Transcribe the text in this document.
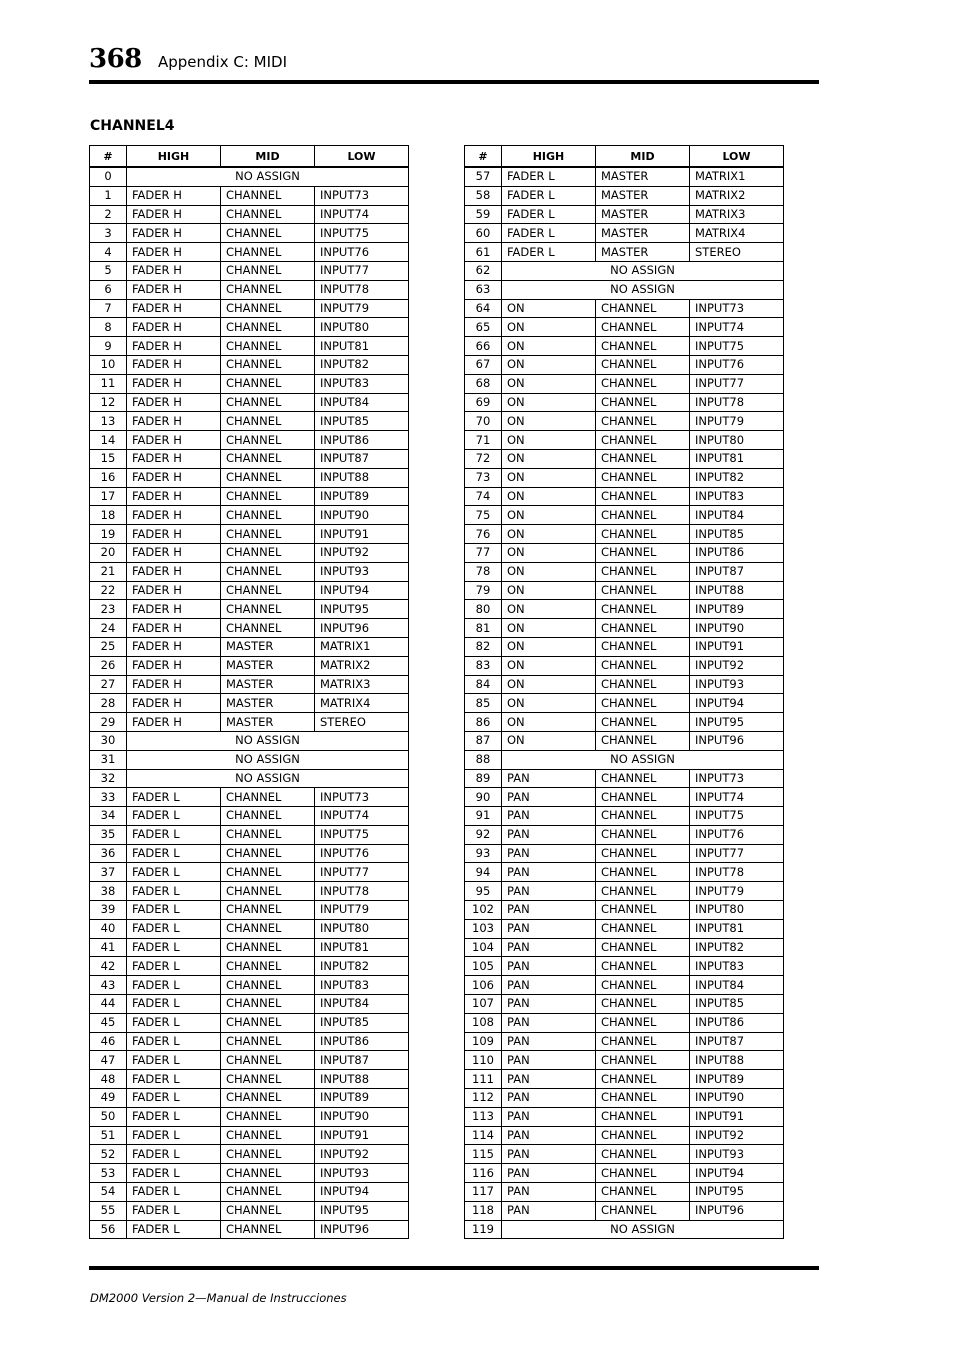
368 Appendix C: MIDI
CHANNEL4
#	HIGH	MID	LOW
0	NO ASSIGN		
1	FADER H	CHANNEL	INPUT73
2	FADER H	CHANNEL	INPUT74
3	FADER H	CHANNEL	INPUT75
4	FADER H	CHANNEL	INPUT76
5	FADER H	CHANNEL	INPUT77
6	FADER H	CHANNEL	INPUT78
7	FADER H	CHANNEL	INPUT79
8	FADER H	CHANNEL	INPUT80
9	FADER H	CHANNEL	INPUT81
10	FADER H	CHANNEL	INPUT82
11	FADER H	CHANNEL	INPUT83
12	FADER H	CHANNEL	INPUT84
13	FADER H	CHANNEL	INPUT85
14	FADER H	CHANNEL	INPUT86
15	FADER H	CHANNEL	INPUT87
16	FADER H	CHANNEL	INPUT88
17	FADER H	CHANNEL	INPUT89
18	FADER H	CHANNEL	INPUT90
19	FADER H	CHANNEL	INPUT91
20	FADER H	CHANNEL	INPUT92
21	FADER H	CHANNEL	INPUT93
22	FADER H	CHANNEL	INPUT94
23	FADER H	CHANNEL	INPUT95
24	FADER H	CHANNEL	INPUT96
25	FADER H	MASTER	MATRIX1
26	FADER H	MASTER	MATRIX2
27	FADER H	MASTER	MATRIX3
28	FADER H	MASTER	MATRIX4
29	FADER H	MASTER	STEREO
30	NO ASSIGN		
31	NO ASSIGN		
32	NO ASSIGN		
33	FADER L	CHANNEL	INPUT73
34	FADER L	CHANNEL	INPUT74
35	FADER L	CHANNEL	INPUT75
36	FADER L	CHANNEL	INPUT76
37	FADER L	CHANNEL	INPUT77
38	FADER L	CHANNEL	INPUT78
39	FADER L	CHANNEL	INPUT79
40	FADER L	CHANNEL	INPUT80
41	FADER L	CHANNEL	INPUT81
42	FADER L	CHANNEL	INPUT82
43	FADER L	CHANNEL	INPUT83
44	FADER L	CHANNEL	INPUT84
45	FADER L	CHANNEL	INPUT85
46	FADER L	CHANNEL	INPUT86
47	FADER L	CHANNEL	INPUT87
48	FADER L	CHANNEL	INPUT88
49	FADER L	CHANNEL	INPUT89
50	FADER L	CHANNEL	INPUT90
51	FADER L	CHANNEL	INPUT91
52	FADER L	CHANNEL	INPUT92
53	FADER L	CHANNEL	INPUT93
54	FADER L	CHANNEL	INPUT94
55	FADER L	CHANNEL	INPUT95
56	FADER L	CHANNEL	INPUT96
#	HIGH	MID	LOW
57	FADER L	MASTER	MATRIX1
58	FADER L	MASTER	MATRIX2
59	FADER L	MASTER	MATRIX3
60	FADER L	MASTER	MATRIX4
61	FADER L	MASTER	STEREO
62	NO ASSIGN		
63	NO ASSIGN		
64	ON	CHANNEL	INPUT73
65	ON	CHANNEL	INPUT74
66	ON	CHANNEL	INPUT75
67	ON	CHANNEL	INPUT76
68	ON	CHANNEL	INPUT77
69	ON	CHANNEL	INPUT78
70	ON	CHANNEL	INPUT79
71	ON	CHANNEL	INPUT80
72	ON	CHANNEL	INPUT81
73	ON	CHANNEL	INPUT82
74	ON	CHANNEL	INPUT83
75	ON	CHANNEL	INPUT84
76	ON	CHANNEL	INPUT85
77	ON	CHANNEL	INPUT86
78	ON	CHANNEL	INPUT87
79	ON	CHANNEL	INPUT88
80	ON	CHANNEL	INPUT89
81	ON	CHANNEL	INPUT90
82	ON	CHANNEL	INPUT91
83	ON	CHANNEL	INPUT92
84	ON	CHANNEL	INPUT93
85	ON	CHANNEL	INPUT94
86	ON	CHANNEL	INPUT95
87	ON	CHANNEL	INPUT96
88	NO ASSIGN		
89	PAN	CHANNEL	INPUT73
90	PAN	CHANNEL	INPUT74
91	PAN	CHANNEL	INPUT75
92	PAN	CHANNEL	INPUT76
93	PAN	CHANNEL	INPUT77
94	PAN	CHANNEL	INPUT78
95	PAN	CHANNEL	INPUT79
102	PAN	CHANNEL	INPUT80
103	PAN	CHANNEL	INPUT81
104	PAN	CHANNEL	INPUT82
105	PAN	CHANNEL	INPUT83
106	PAN	CHANNEL	INPUT84
107	PAN	CHANNEL	INPUT85
108	PAN	CHANNEL	INPUT86
109	PAN	CHANNEL	INPUT87
110	PAN	CHANNEL	INPUT88
111	PAN	CHANNEL	INPUT89
112	PAN	CHANNEL	INPUT90
113	PAN	CHANNEL	INPUT91
114	PAN	CHANNEL	INPUT92
115	PAN	CHANNEL	INPUT93
116	PAN	CHANNEL	INPUT94
117	PAN	CHANNEL	INPUT95
118	PAN	CHANNEL	INPUT96
119	NO ASSIGN		
DM2000 Version 2—Manual de Instrucciones
